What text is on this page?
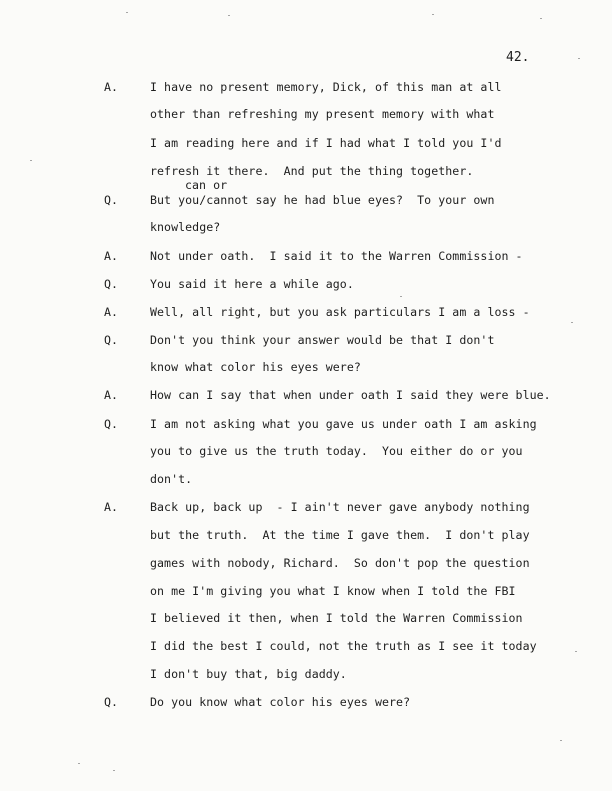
42.
A.	I have no present memory, Dick, of this man at all
other than refreshing my present memory with what
I am reading here and if I had what I told you I'd
refresh it there.  And put the thing together.
can or
Q.	But you/cannot say he had blue eyes?  To your own
knowledge?
A.	Not under oath.  I said it to the Warren Commission -
Q.	You said it here a while ago.
A.	Well, all right, but you ask particulars I am a loss -
Q.	Don't you think your answer would be that I don't
know what color his eyes were?
A.	How can I say that when under oath I said they were blue.
Q.	I am not asking what you gave us under oath I am asking
you to give us the truth today.  You either do or you
don't.
A.	Back up, back up  - I ain't never gave anybody nothing
but the truth.  At the time I gave them.  I don't play
games with nobody, Richard.  So don't pop the question
on me I'm giving you what I know when I told the FBI
I believed it then, when I told the Warren Commission
I did the best I could, not the truth as I see it today
I don't buy that, big daddy.
Q.	Do you know what color his eyes were?
